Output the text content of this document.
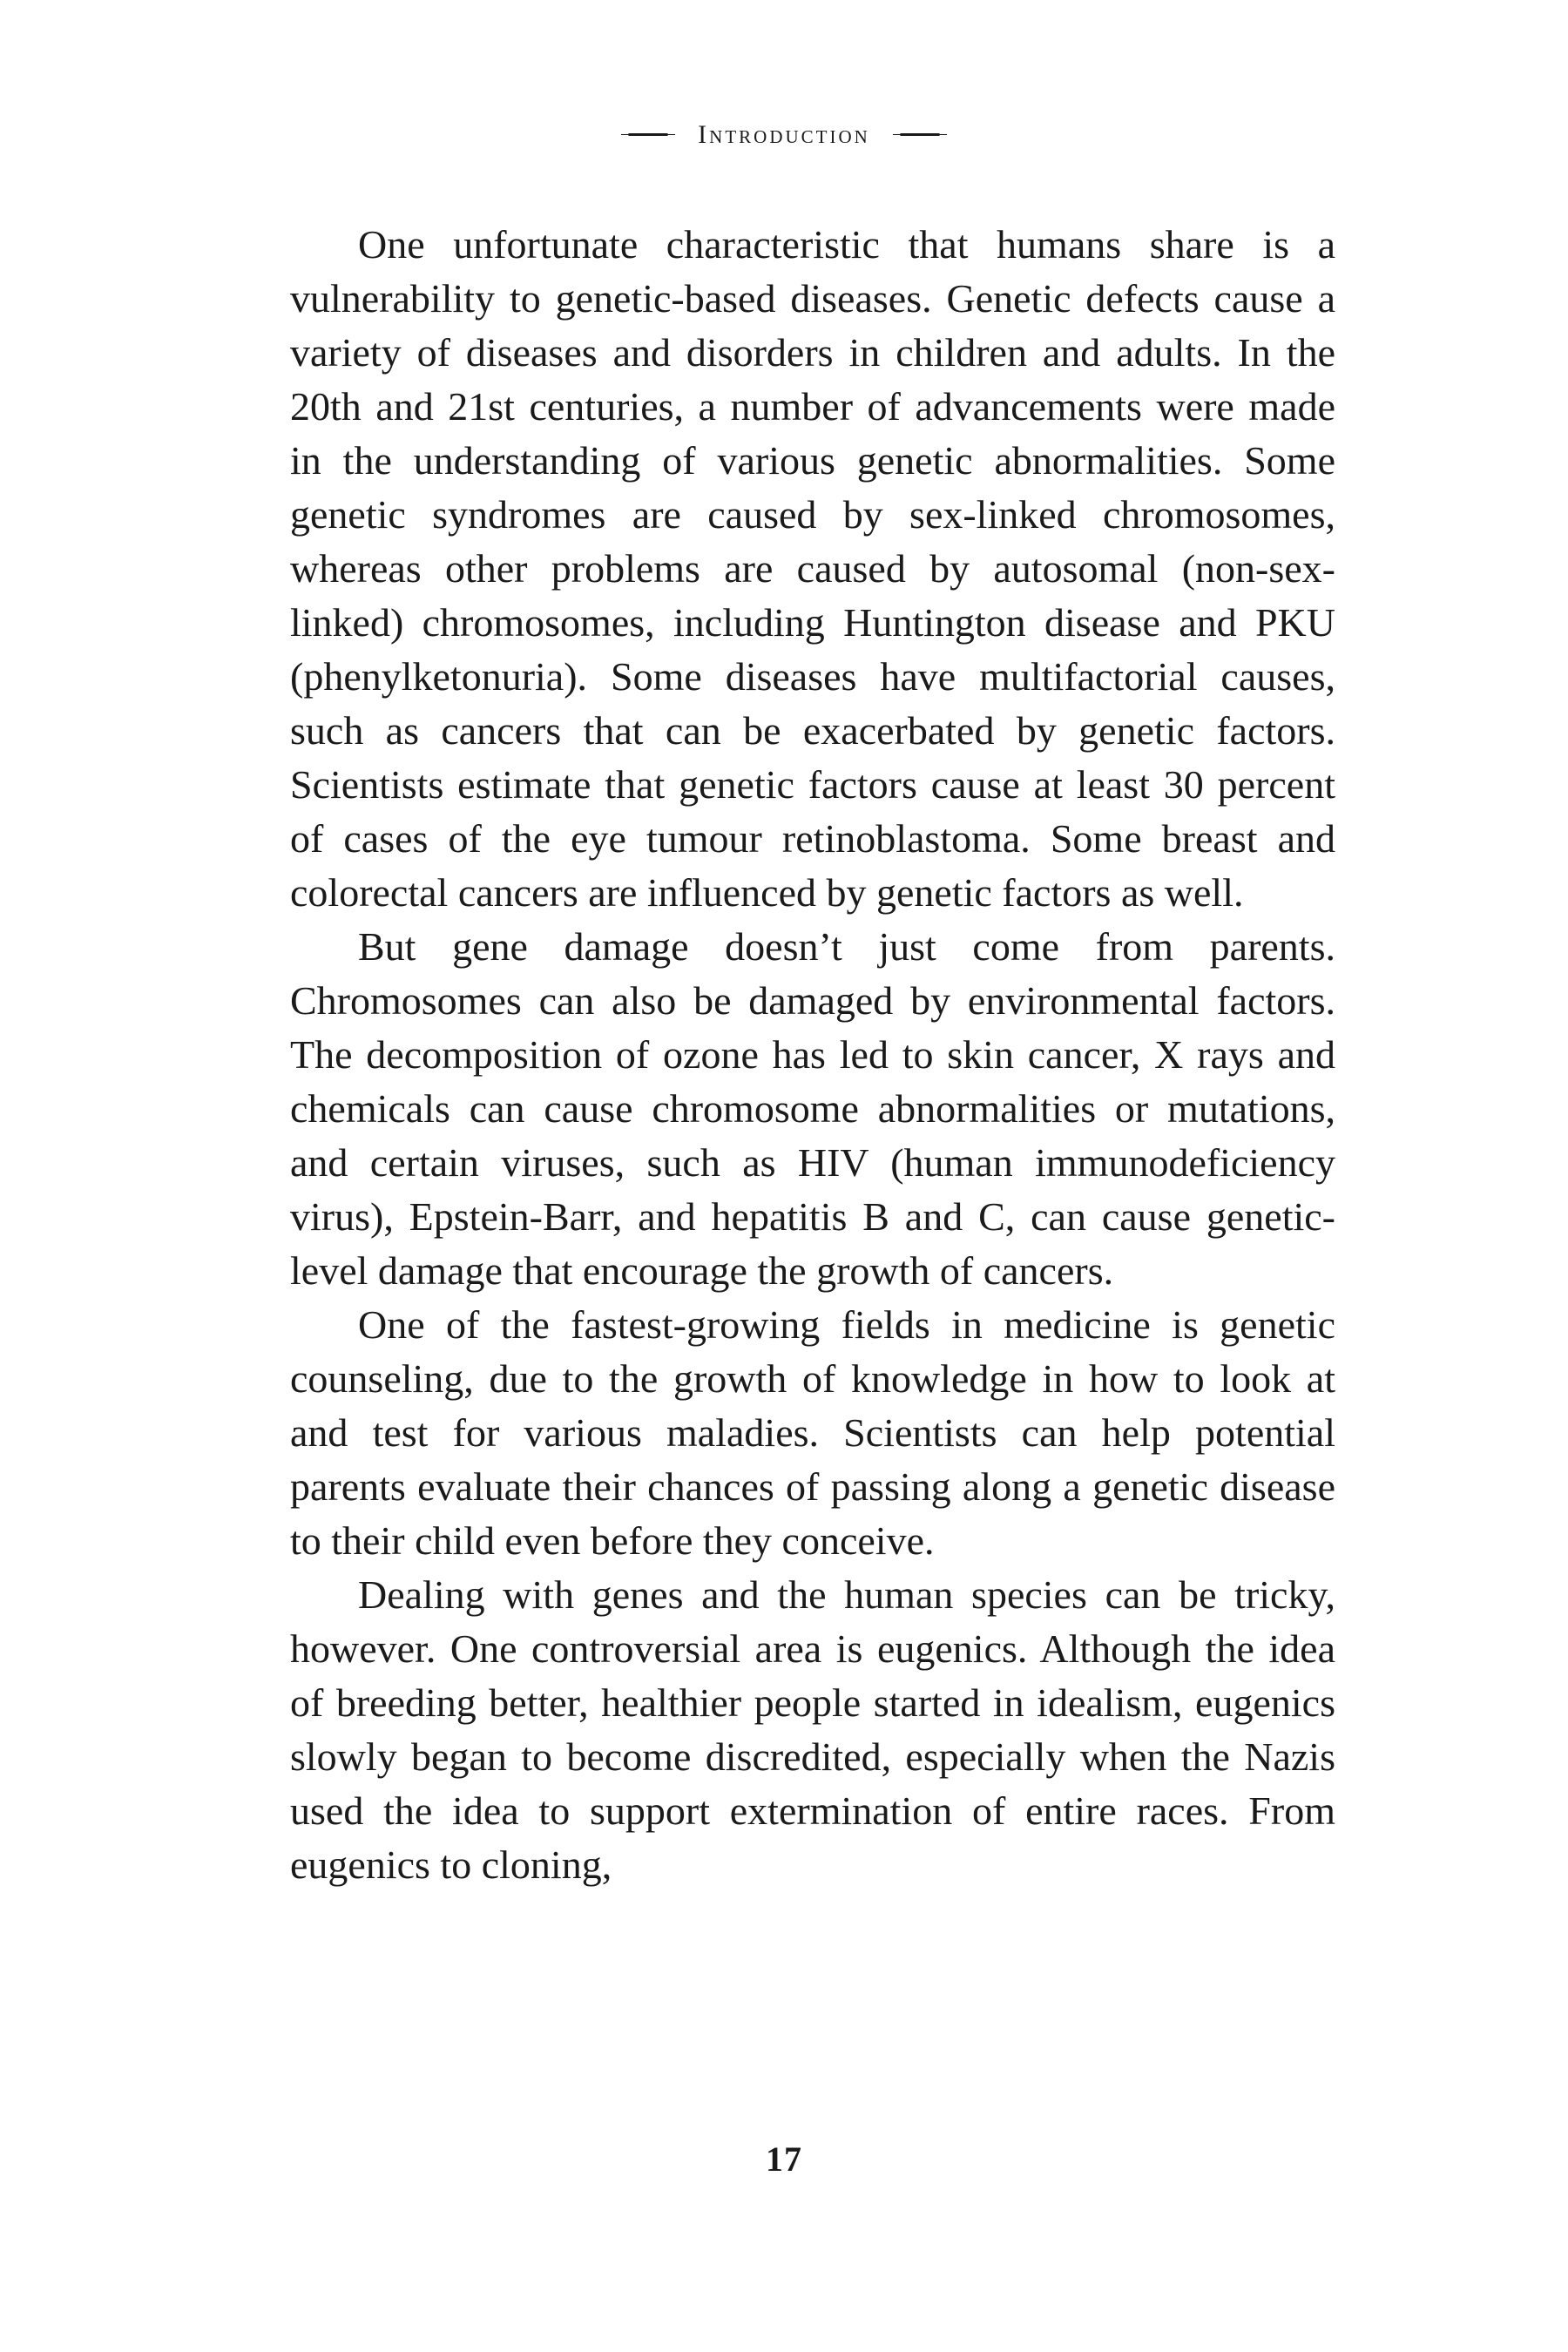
Introduction

One unfortunate characteristic that humans share is a vulnerability to genetic-based diseases. Genetic defects cause a variety of diseases and disorders in children and adults. In the 20th and 21st centuries, a number of advancements were made in the understanding of various genetic abnormalities. Some genetic syndromes are caused by sex-linked chromosomes, whereas other problems are caused by autosomal (non-sex-linked) chromosomes, including Huntington disease and PKU (phenylketonuria). Some diseases have multifactorial causes, such as cancers that can be exacerbated by genetic factors. Scientists estimate that genetic factors cause at least 30 percent of cases of the eye tumour retinoblastoma. Some breast and colorectal cancers are influenced by genetic factors as well.

But gene damage doesn’t just come from parents. Chromosomes can also be damaged by environmental factors. The decomposition of ozone has led to skin cancer, X rays and chemicals can cause chromosome abnormalities or mutations, and certain viruses, such as HIV (human immunodeficiency virus), Epstein-Barr, and hepatitis B and C, can cause genetic-level damage that encourage the growth of cancers.

One of the fastest-growing fields in medicine is genetic counseling, due to the growth of knowledge in how to look at and test for various maladies. Scientists can help potential parents evaluate their chances of passing along a genetic disease to their child even before they conceive.

Dealing with genes and the human species can be tricky, however. One controversial area is eugenics. Although the idea of breeding better, healthier people started in idealism, eugenics slowly began to become discredited, especially when the Nazis used the idea to support extermination of entire races. From eugenics to cloning,

17
